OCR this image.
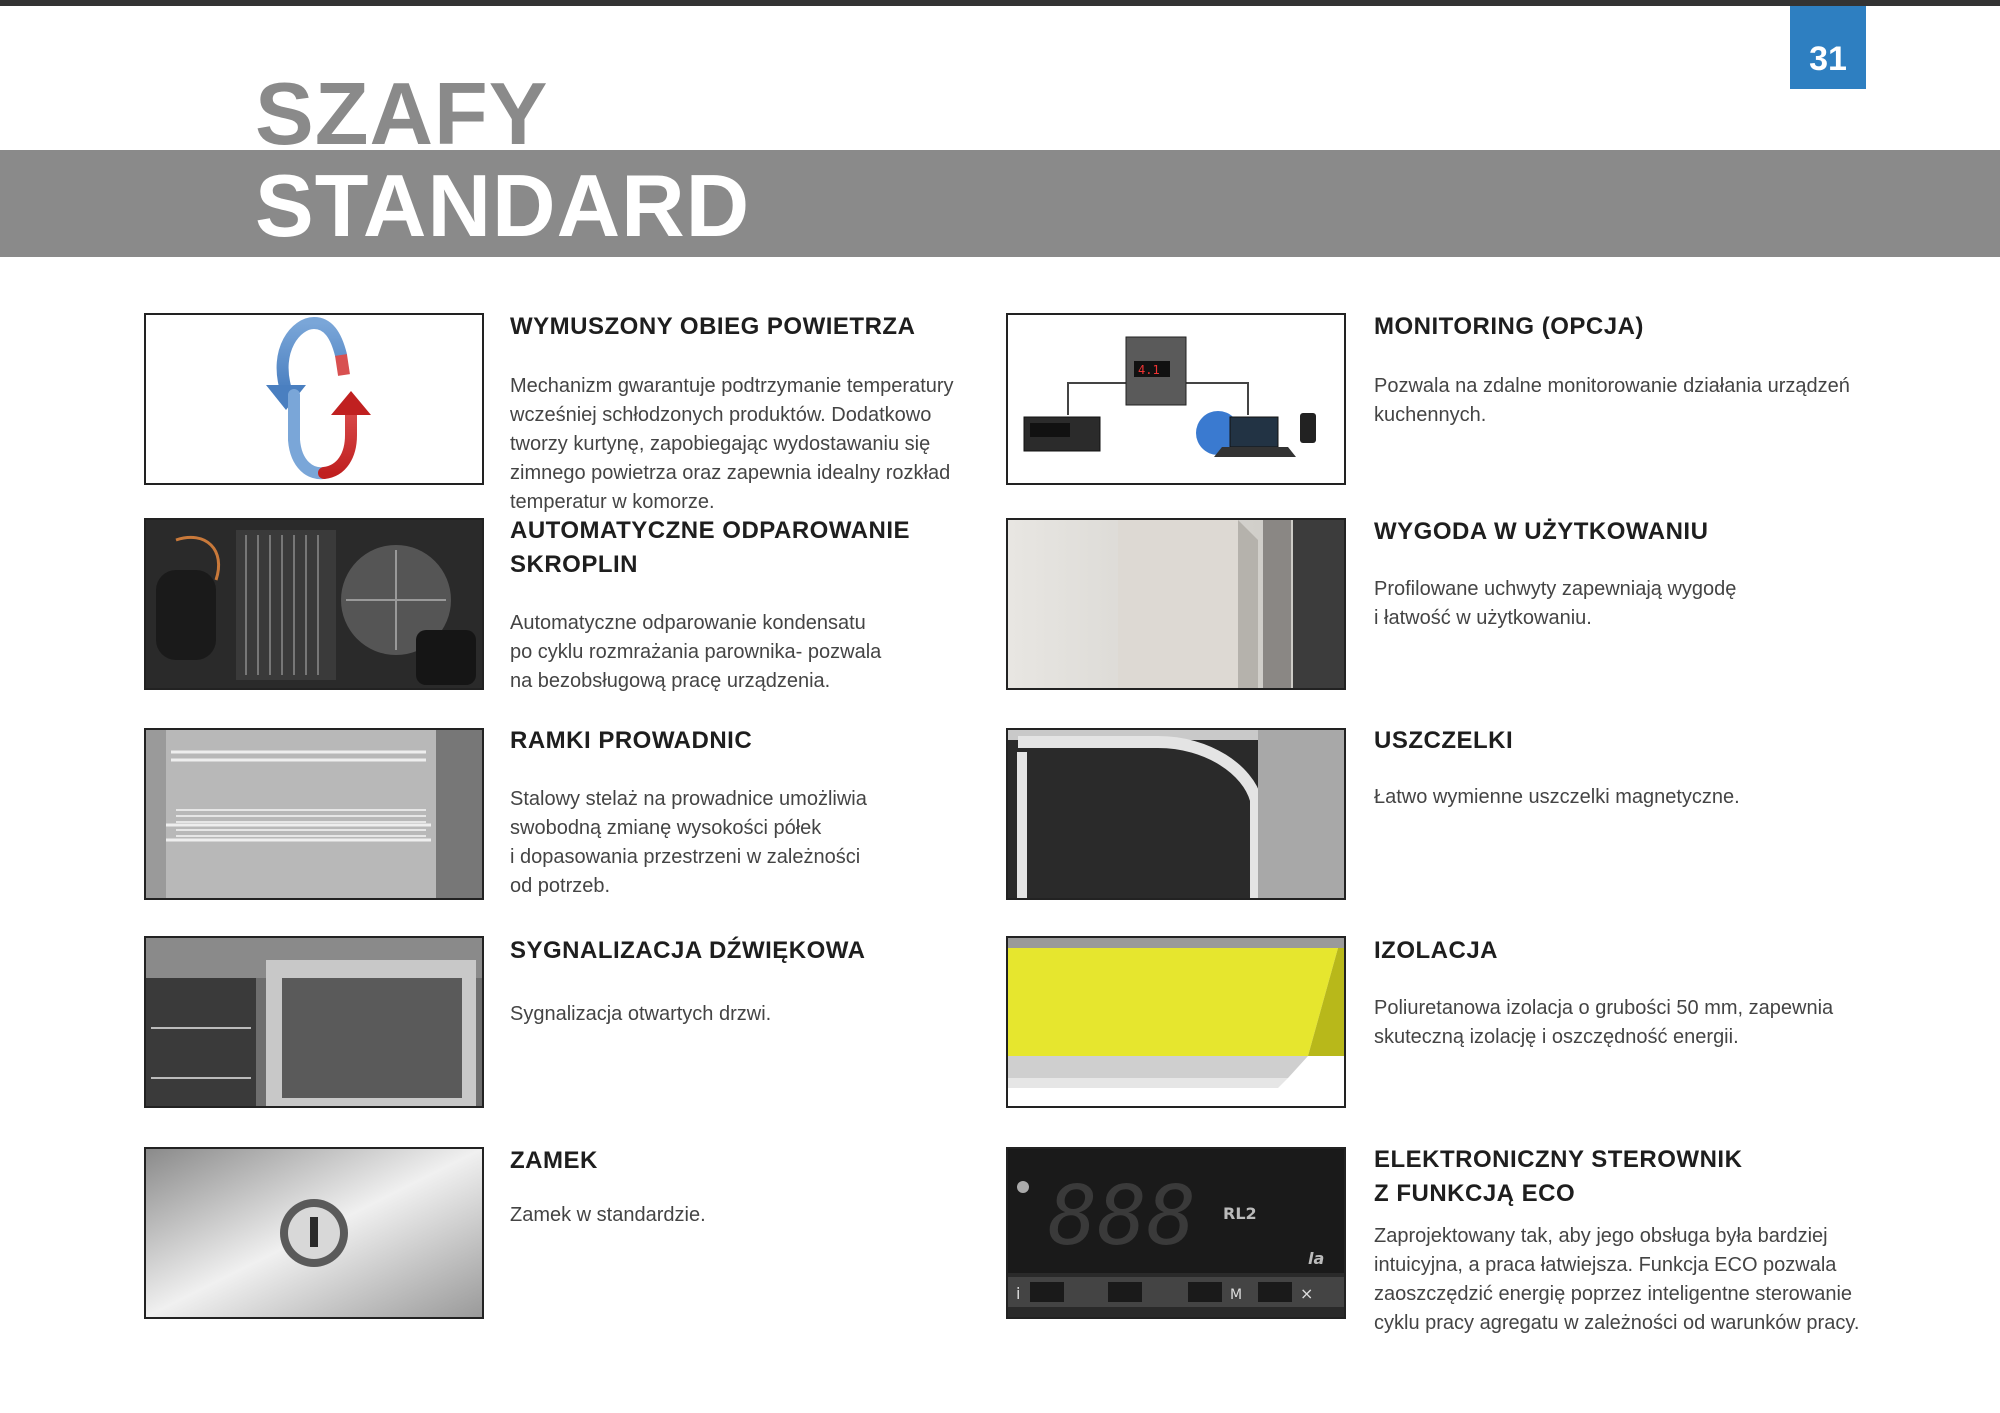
31
SZAFY
STANDARD
WYMUSZONY OBIEG POWIETRZA
Mechanizm gwarantuje podtrzymanie temperatury
wcześniej schłodzonych produktów. Dodatkowo
tworzy kurtynę, zapobiegając wydostawaniu się
zimnego powietrza oraz zapewnia idealny rozkład
temperatur w komorze.
4.1
MONITORING (OPCJA)
Pozwala na zdalne monitorowanie działania urządzeń
kuchennych.
AUTOMATYCZNE ODPAROWANIE
SKROPLIN
Automatyczne odparowanie kondensatu
po cyklu rozmrażania parownika- pozwala
na bezobsługową pracę urządzenia.
WYGODA W UŻYTKOWANIU
Profilowane uchwyty zapewniają wygodę
i łatwość w użytkowaniu.
RAMKI PROWADNIC
Stalowy stelaż na prowadnice umożliwia
swobodną zmianę wysokości półek
i dopasowania przestrzeni w zależności
od potrzeb.
USZCZELKI
Łatwo wymienne uszczelki magnetyczne.
SYGNALIZACJA DŹWIĘKOWA
Sygnalizacja otwartych drzwi.
IZOLACJA
Poliuretanowa izolacja o grubości 50 mm, zapewnia
skuteczną izolację i oszczędność energii.
ZAMEK
Zamek w standardzie.	888 RL2
la
i	M	×
ELEKTRONICZNY STEROWNIK
Z FUNKCJĄ ECO
Zaprojektowany tak, aby jego obsługa była bardziej
intuicyjna, a praca łatwiejsza. Funkcja ECO pozwala
zaoszczędzić energię poprzez inteligentne sterowanie
cyklu pracy agregatu w zależności od warunków pracy.
